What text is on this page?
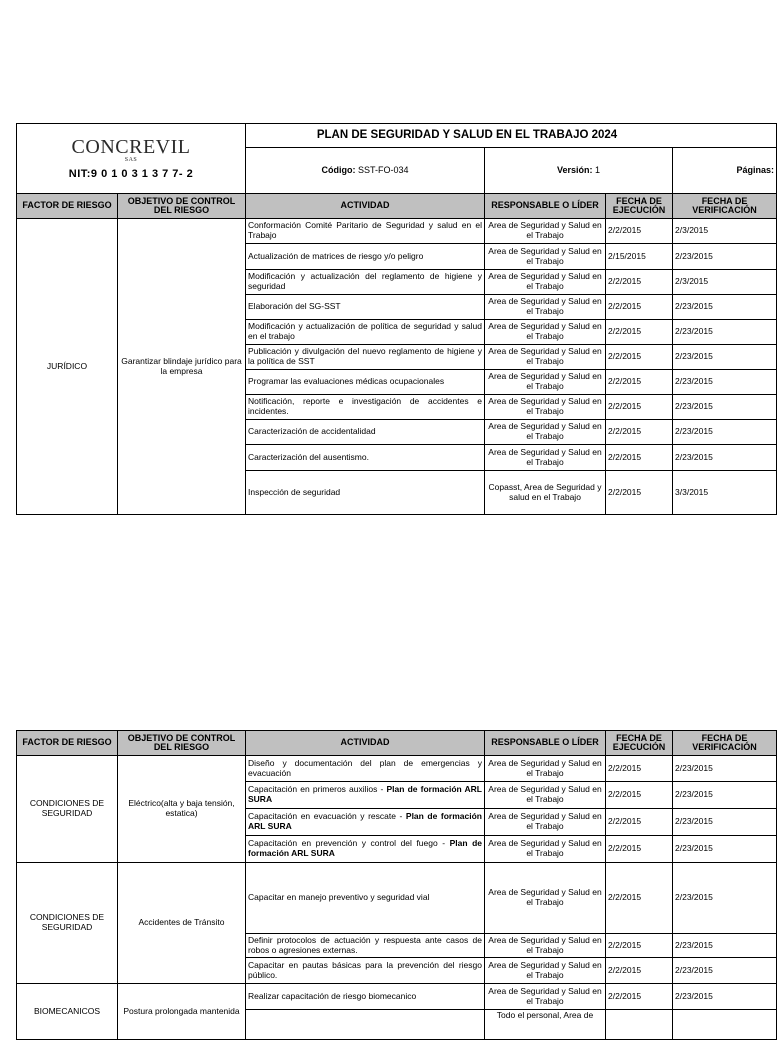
CONCREVIL
SAS
NIT:9 0 1 0 3 1 3 7 7- 2		PLAN DE SEGURIDAD Y SALUD EN EL TRABAJO 2024			
		Código: SST-FO-034	Versión: 1		Páginas:
FACTOR DE RIESGO	OBJETIVO DE CONTROL DEL RIESGO	ACTIVIDAD	RESPONSABLE O LÍDER	FECHA DE EJECUCIÓN	FECHA DE VERIFICACIÓN
JURÍDICO	Garantizar blindaje jurídico para la empresa	Conformación Comité Paritario de Seguridad y salud en el Trabajo	Area de Seguridad y Salud en el Trabajo	2/2/2015	2/3/2015
		Actualización de matrices de riesgo y/o peligro	Area de Seguridad y Salud en el Trabajo	2/15/2015	2/23/2015
		Modificación y actualización del reglamento de higiene y seguridad	Area de Seguridad y Salud en el Trabajo	2/2/2015	2/3/2015
		Elaboración del SG-SST	Area de Seguridad y Salud en el Trabajo	2/2/2015	2/23/2015
		Modificación y actualización de política de seguridad y salud en el trabajo	Area de Seguridad y Salud en el Trabajo	2/2/2015	2/23/2015
		Publicación y divulgación del nuevo reglamento de higiene y la política de SST	Area de Seguridad y Salud en el Trabajo	2/2/2015	2/23/2015
		Programar las evaluaciones médicas ocupacionales	Area de Seguridad y Salud en el Trabajo	2/2/2015	2/23/2015
		Notificación, reporte e investigación de accidentes e incidentes.	Area de Seguridad y Salud en el Trabajo	2/2/2015	2/23/2015
		Caracterización de accidentalidad	Area de Seguridad y Salud en el Trabajo	2/2/2015	2/23/2015
		Caracterización del ausentismo.	Area de Seguridad y Salud en el Trabajo	2/2/2015	2/23/2015
		Inspección de seguridad	Copasst, Area de Seguridad y salud en el Trabajo	2/2/2015	3/3/2015
FACTOR DE RIESGO	OBJETIVO DE CONTROL DEL RIESGO	ACTIVIDAD	RESPONSABLE O LÍDER	FECHA DE EJECUCIÓN	FECHA DE VERIFICACIÓN
CONDICIONES DE SEGURIDAD	Eléctrico(alta y baja tensión, estatica)	Diseño y documentación del plan de emergencias y evacuación	Area de Seguridad y Salud en el Trabajo	2/2/2015	2/23/2015
		Capacitación en primeros auxilios - Plan de formación ARL SURA	Area de Seguridad y Salud en el Trabajo	2/2/2015	2/23/2015
		Capacitación en evacuación y rescate - Plan de formación ARL SURA	Area de Seguridad y Salud en el Trabajo	2/2/2015	2/23/2015
		Capacitación en prevención y control del fuego - Plan de formación ARL SURA	Area de Seguridad y Salud en el Trabajo	2/2/2015	2/23/2015
CONDICIONES DE SEGURIDAD	Accidentes de Tránsito	Capacitar en manejo preventivo y seguridad vial	Area de Seguridad y Salud en el Trabajo	2/2/2015	2/23/2015
		Definir protocolos de actuación y respuesta ante casos de robos o agresiones externas.	Area de Seguridad y Salud en el Trabajo	2/2/2015	2/23/2015
		Capacitar en pautas básicas para la prevención del riesgo público.	Area de Seguridad y Salud en el Trabajo	2/2/2015	2/23/2015
BIOMECANICOS	Postura prolongada mantenida	Realizar capacitación de riesgo biomecanico	Area de Seguridad y Salud en el Trabajo	2/2/2015	2/23/2015
			Todo el personal, Area de		
